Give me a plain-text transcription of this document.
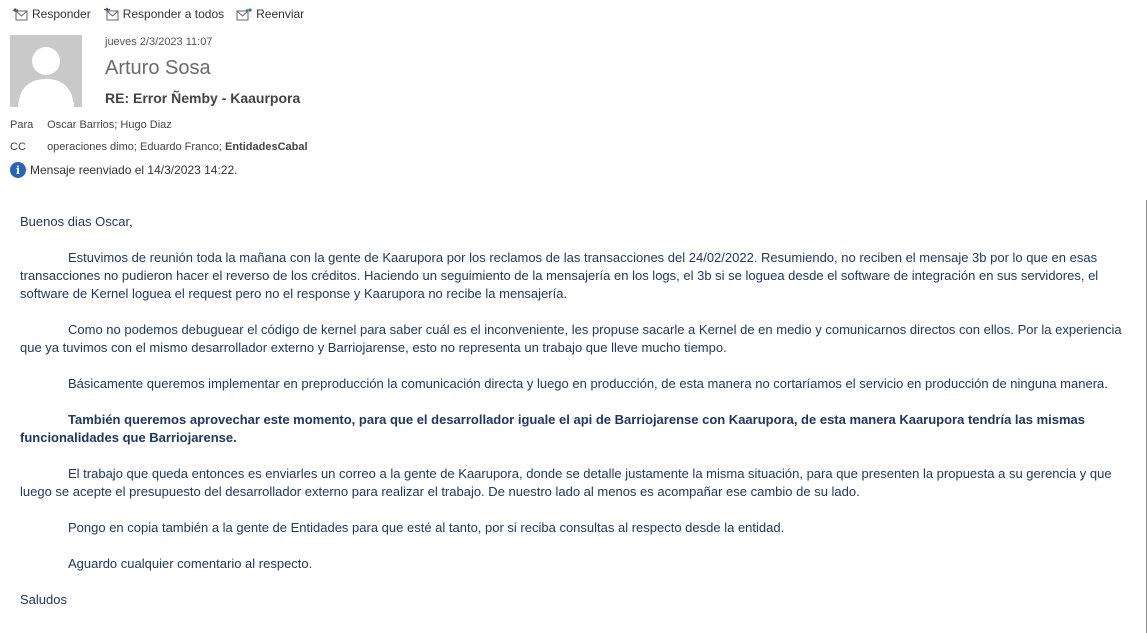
Responder	Responder a todos	Reenviar
jueves 2/3/2023 11:07
Arturo Sosa
RE: Error Ñemby - Kaaurpora
Para Oscar Barrios; Hugo Diaz
CC operaciones dimo; Eduardo Franco; EntidadesCabal
i Mensaje reenviado el 14/3/2023 14:22.

Buenos dias Oscar,

Estuvimos de reunión toda la mañana con la gente de Kaarupora por los reclamos de las transacciones del 24/02/2022. Resumiendo, no reciben el mensaje 3b por lo que en esas transacciones no pudieron hacer el reverso de los créditos. Haciendo un seguimiento de la mensajería en los logs, el 3b si se loguea desde el software de integración en sus servidores, el software de Kernel loguea el request pero no el response y Kaarupora no recibe la mensajería.

Como no podemos debuguear el código de kernel para saber cuál es el inconveniente, les propuse sacarle a Kernel de en medio y comunicarnos directos con ellos. Por la experiencia que ya tuvimos con el mismo desarrollador externo y Barriojarense, esto no representa un trabajo que lleve mucho tiempo.

Básicamente queremos implementar en preproducción la comunicación directa y luego en producción, de esta manera no cortaríamos el servicio en producción de ninguna manera.

También queremos aprovechar este momento, para que el desarrollador iguale el api de Barriojarense con Kaarupora, de esta manera Kaarupora tendría las mismas funcionalidades que Barriojarense.

El trabajo que queda entonces es enviarles un correo a la gente de Kaarupora, donde se detalle justamente la misma situación, para que presenten la propuesta a su gerencia y que luego se acepte el presupuesto del desarrollador externo para realizar el trabajo. De nuestro lado al menos es acompañar ese cambio de su lado.

Pongo en copia también a la gente de Entidades para que esté al tanto, por si reciba consultas al respecto desde la entidad.

Aguardo cualquier comentario al respecto.

Saludos
